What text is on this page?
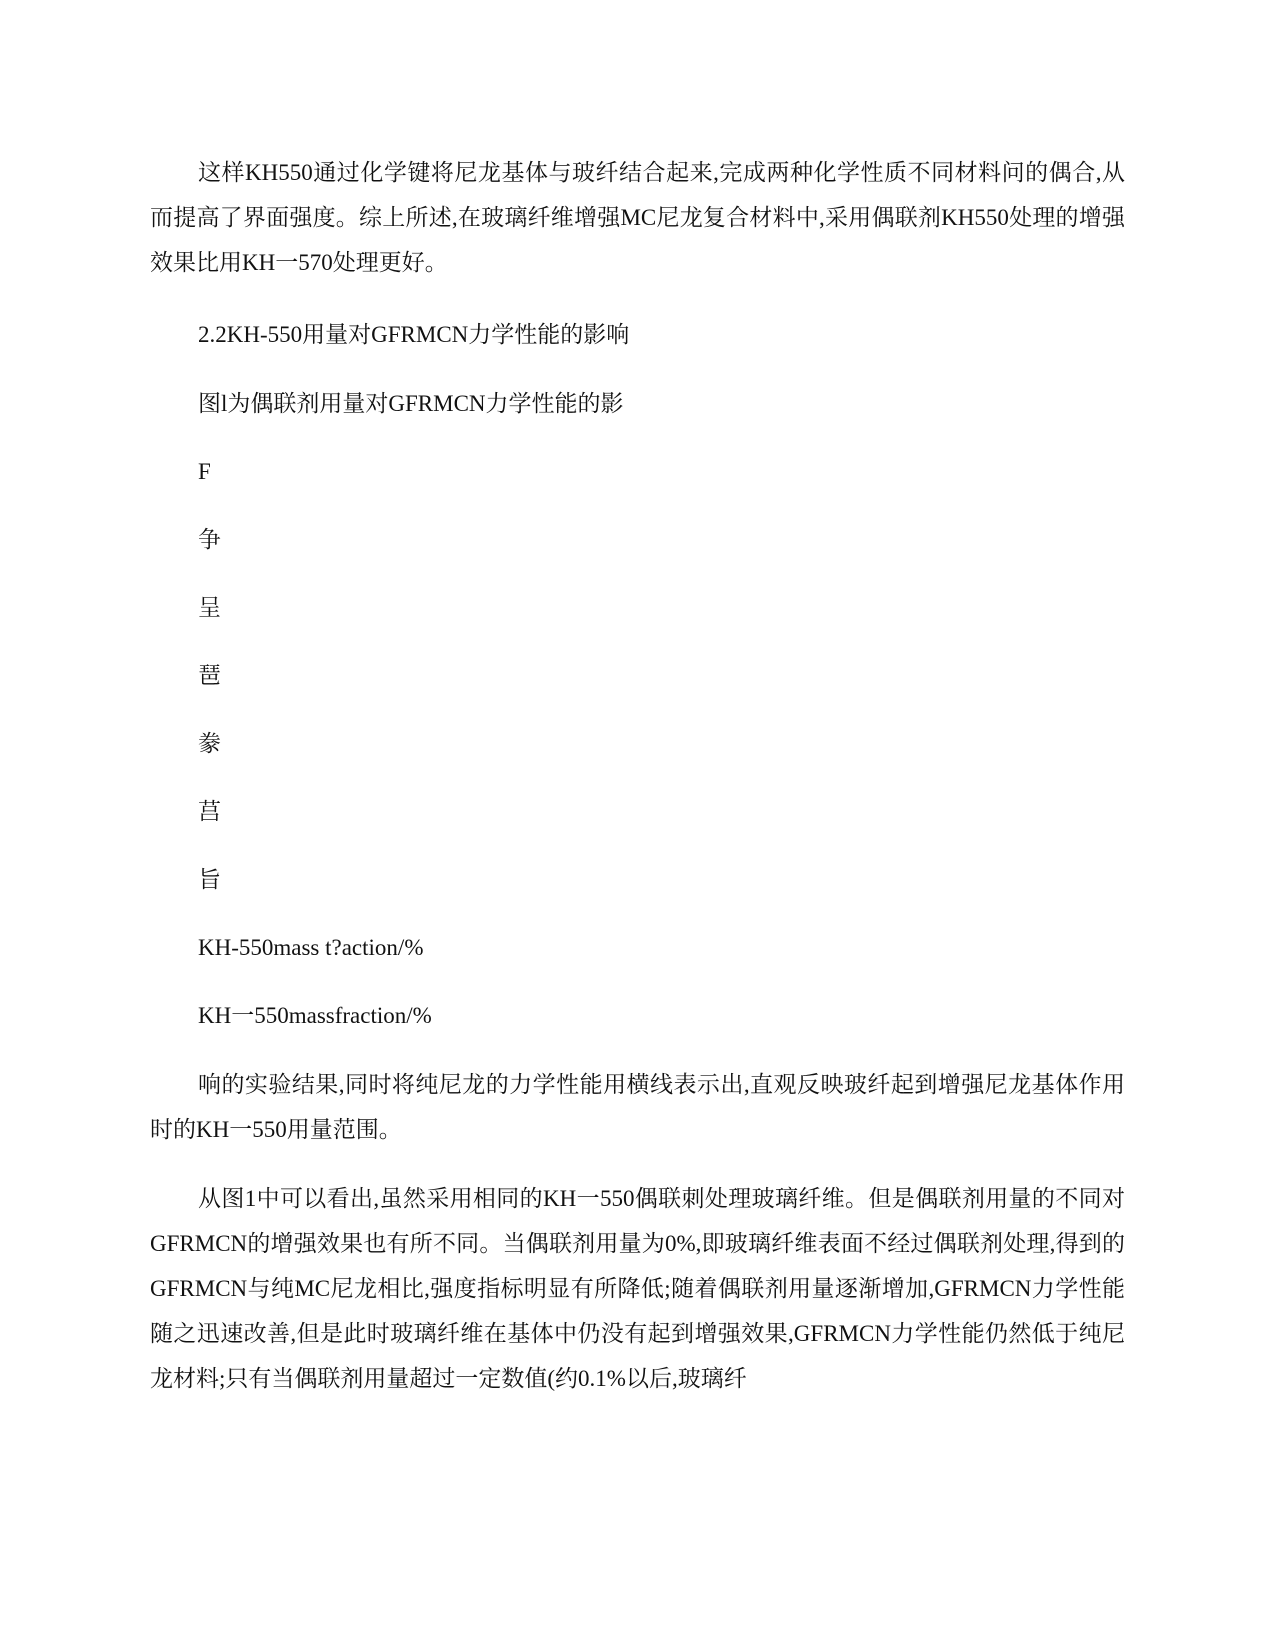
这样KH550通过化学键将尼龙基体与玻纤结合起来,完成两种化学性质不同材料问的偶合,从而提高了界面强度。综上所述,在玻璃纤维增强MC尼龙复合材料中,采用偶联剂KH550处理的增强效果比用KH一570处理更好。

2.2KH-550用量对GFRMCN力学性能的影响

图l为偶联剂用量对GFRMCN力学性能的影

F

争

呈

琶

豢

莒

旨

KH-550mass t?action/%

KH一550massfraction/%

响的实验结果,同时将纯尼龙的力学性能用横线表示出,直观反映玻纤起到增强尼龙基体作用时的KH一550用量范围。

从图1中可以看出,虽然采用相同的KH一550偶联刺处理玻璃纤维。但是偶联剂用量的不同对GFRMCN的增强效果也有所不同。当偶联剂用量为0%,即玻璃纤维表面不经过偶联剂处理,得到的GFRMCN与纯MC尼龙相比,强度指标明显有所降低;随着偶联剂用量逐渐增加,GFRMCN力学性能随之迅速改善,但是此时玻璃纤维在基体中仍没有起到增强效果,GFRMCN力学性能仍然低于纯尼龙材料;只有当偶联剂用量超过一定数值(约0.1%以后,玻璃纤
